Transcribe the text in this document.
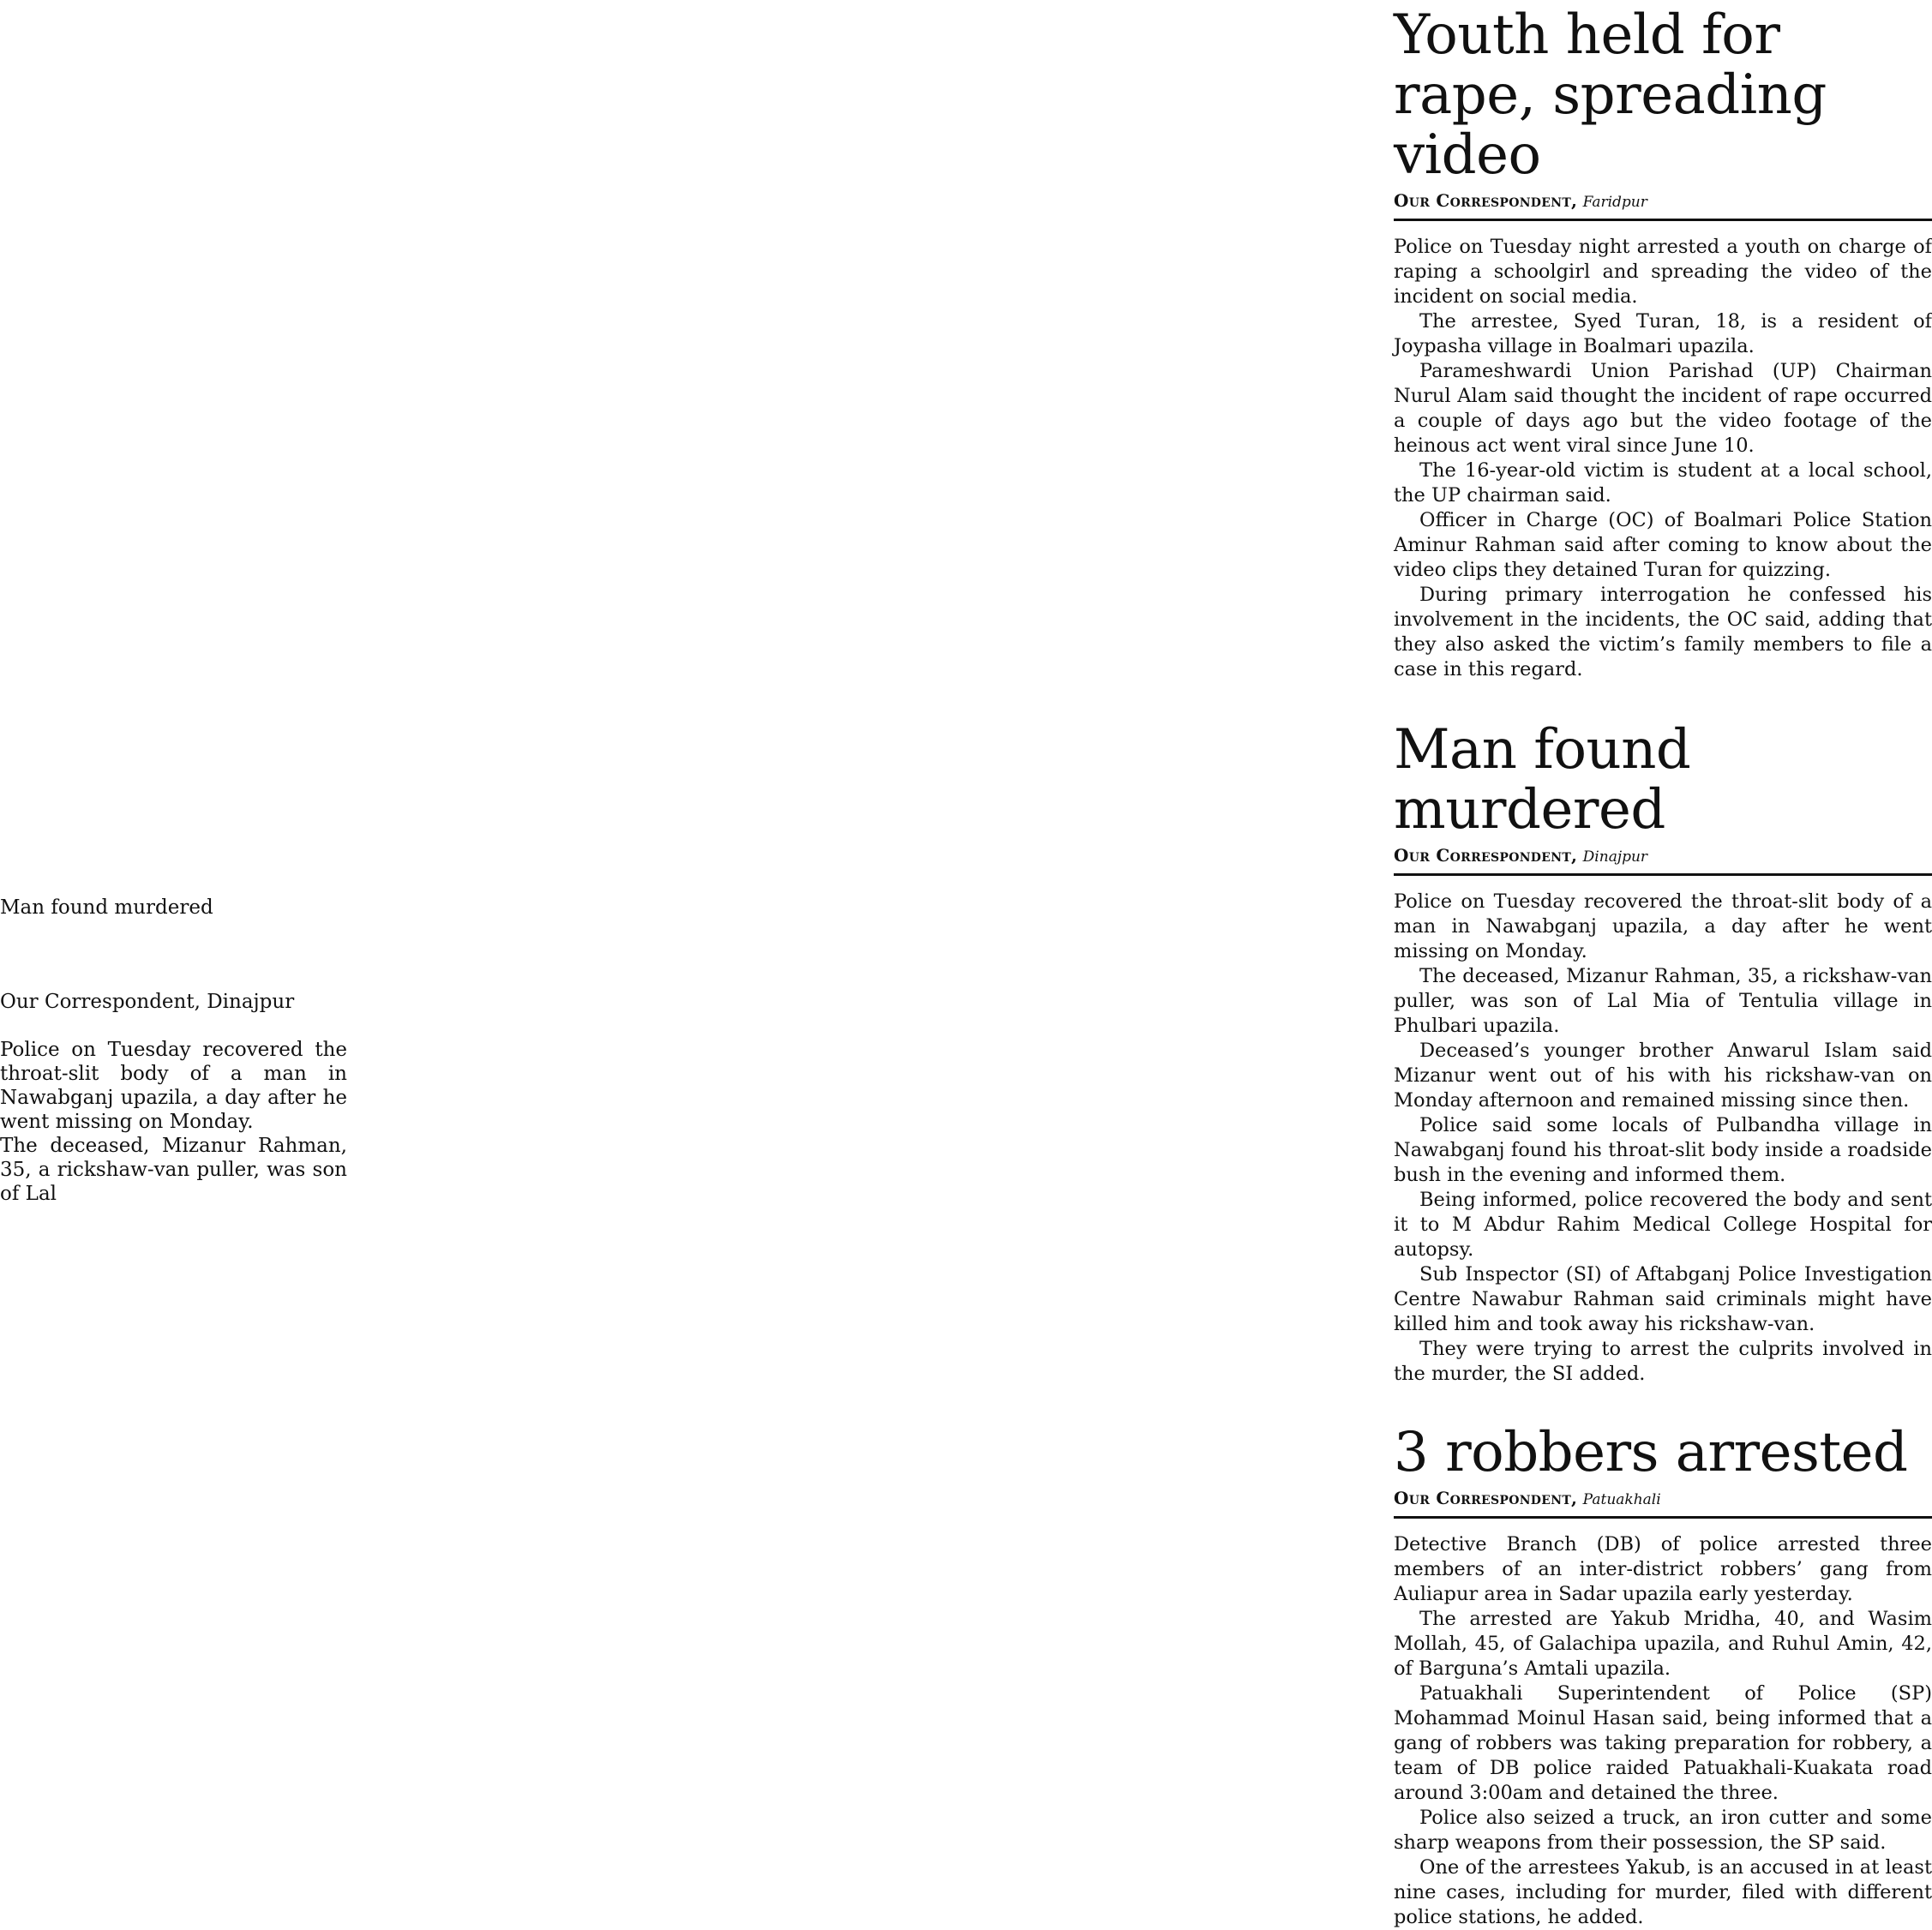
Man found murdered

Our Correspondent, Dinajpur

Police on Tuesday recovered the throat-slit body of a man in Nawabganj upazila, a day after he went missing on Monday.

The deceased, Mizanur Rahman, 35, a rickshaw-van puller, was son of Lal

Youth held for rape, spreading video
Our Correspondent, Faridpur

Police on Tuesday night arrested a youth on charge of raping a schoolgirl and spreading the video of the incident on social media.

The arrestee, Syed Turan, 18, is a resident of Joypasha village in Boalmari upazila.

Parameshwardi Union Parishad (UP) Chairman Nurul Alam said thought the incident of rape occurred a couple of days ago but the video footage of the heinous act went viral since June 10.

The 16-year-old victim is student at a local school, the UP chairman said.

Officer in Charge (OC) of Boalmari Police Station Aminur Rahman said after coming to know about the video clips they detained Turan for quizzing.

During primary interrogation he confessed his involvement in the incidents, the OC said, adding that they also asked the victim’s family members to file a case in this regard.

Man found murdered
Our Correspondent, Dinajpur

Police on Tuesday recovered the throat-slit body of a man in Nawabganj upazila, a day after he went missing on Monday.

The deceased, Mizanur Rahman, 35, a rickshaw-van puller, was son of Lal Mia of Tentulia village in Phulbari upazila.

Deceased’s younger brother Anwarul Islam said Mizanur went out of his with his rickshaw-van on Monday afternoon and remained missing since then.

Police said some locals of Pulbandha village in Nawabganj found his throat-slit body inside a roadside bush in the evening and informed them.

Being informed, police recovered the body and sent it to M Abdur Rahim Medical College Hospital for autopsy.

Sub Inspector (SI) of Aftabganj Police Investigation Centre Nawabur Rahman said criminals might have killed him and took away his rickshaw-van.

They were trying to arrest the culprits involved in the murder, the SI added.

3 robbers arrested
Our Correspondent, Patuakhali

Detective Branch (DB) of police arrested three members of an inter-district robbers’ gang from Auliapur area in Sadar upazila early yesterday.

The arrested are Yakub Mridha, 40, and Wasim Mollah, 45, of Galachipa upazila, and Ruhul Amin, 42, of Barguna’s Amtali upazila.

Patuakhali Superintendent of Police (SP) Mohammad Moinul Hasan said, being informed that a gang of robbers was taking preparation for robbery, a team of DB police raided Patuakhali-Kuakata road around 3:00am and detained the three.

Police also seized a truck, an iron cutter and some sharp weapons from their possession, the SP said.

One of the arrestees Yakub, is an accused in at least nine cases, including for murder, filed with different police stations, he added.
